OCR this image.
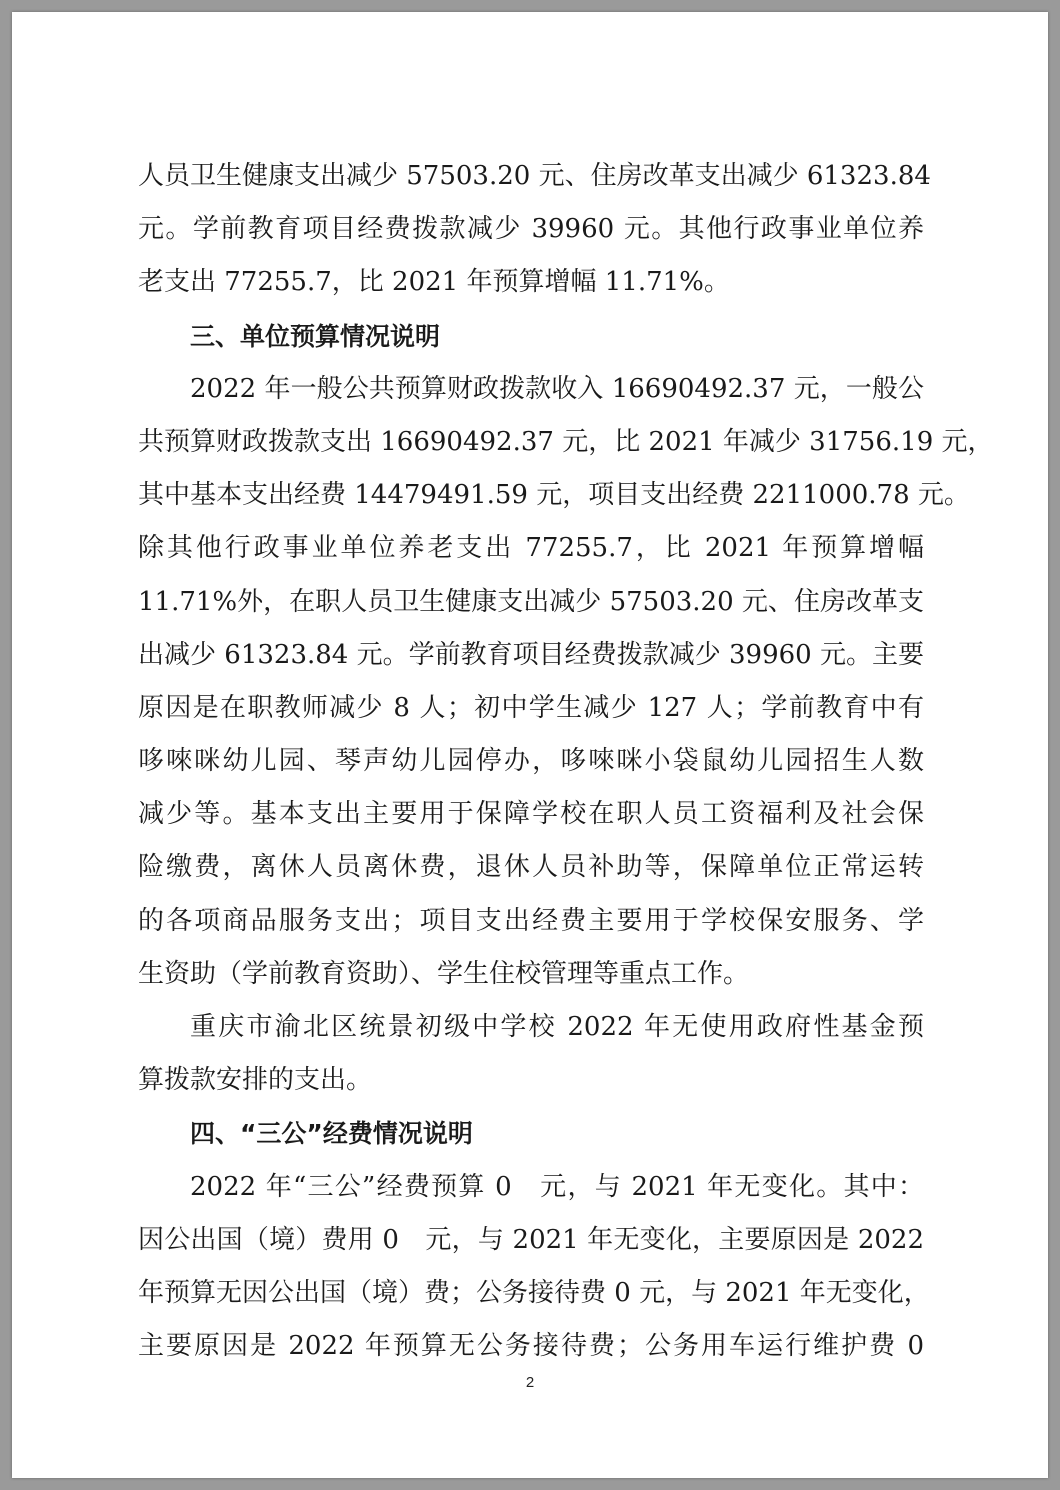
人员卫生健康支出减少 57503.20 元、住房改革支出减少 61323.84
元。学前教育项目经费拨款减少 39960 元。其他行政事业单位养
老支出 77255.7，比 2021 年预算增幅 11.71%。
三、单位预算情况说明
2022 年一般公共预算财政拨款收入 16690492.37 元，一般公
共预算财政拨款支出 16690492.37 元，比 2021 年减少 31756.19 元，
其中基本支出经费 14479491.59 元，项目支出经费 2211000.78 元。
除其他行政事业单位养老支出 77255.7，比 2021 年预算增幅
11.71%外，在职人员卫生健康支出减少 57503.20 元、住房改革支
出减少 61323.84 元。学前教育项目经费拨款减少 39960 元。主要
原因是在职教师减少 8 人；初中学生减少 127 人；学前教育中有
哆唻咪幼儿园、琴声幼儿园停办，哆唻咪小袋鼠幼儿园招生人数
减少等。基本支出主要用于保障学校在职人员工资福利及社会保
险缴费，离休人员离休费，退休人员补助等，保障单位正常运转
的各项商品服务支出；项目支出经费主要用于学校保安服务、学
生资助（学前教育资助）、学生住校管理等重点工作。
重庆市渝北区统景初级中学校 2022 年无使用政府性基金预
算拨款安排的支出。
四、“三公”经费情况说明
2022 年“三公”经费预算 0　元，与 2021 年无变化。其中：
因公出国（境）费用 0　元，与 2021 年无变化，主要原因是 2022
年预算无因公出国（境）费；公务接待费 0 元，与 2021 年无变化，
主要原因是 2022 年预算无公务接待费；公务用车运行维护费 0
2
